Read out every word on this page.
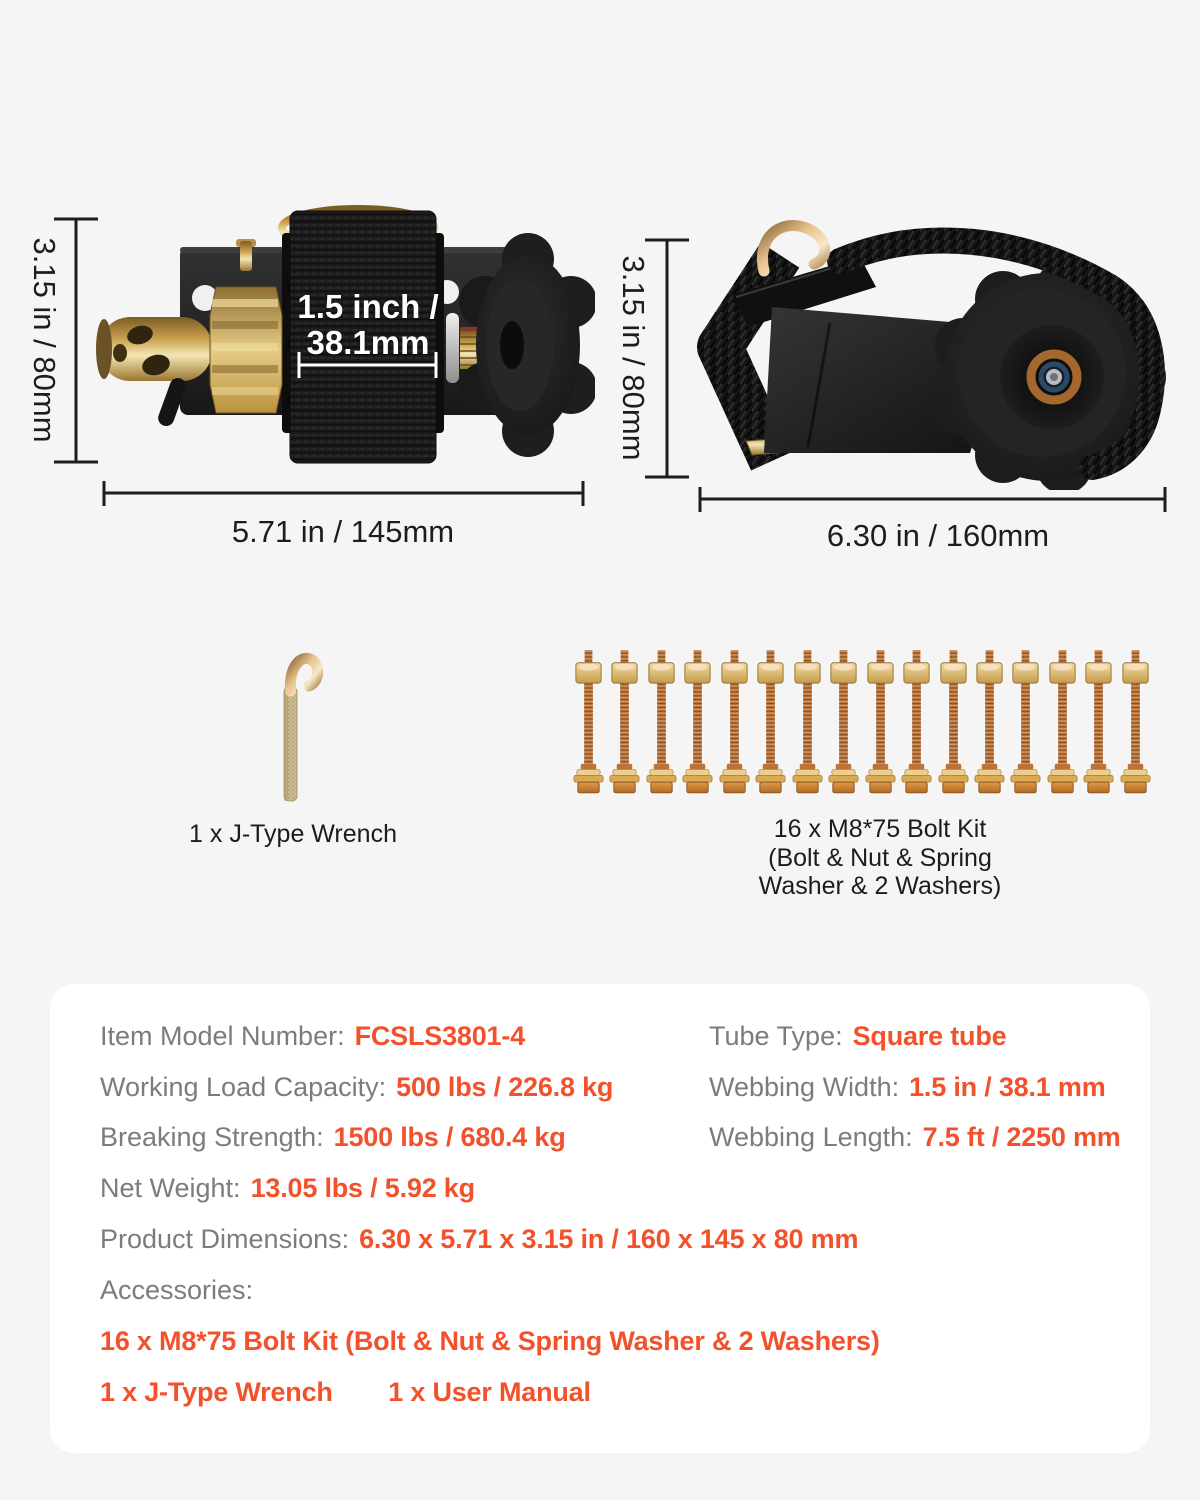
3.15 in / 80mm
5.71 in / 145mm
3.15 in / 80mm
6.30 in / 160mm
1.5 inch /
38.1mm
1 x J-Type Wrench	16 x M8*75 Bolt Kit
(Bolt & Nut & Spring
Washer & 2 Washers)
Item Model Number: FCSLS3801-4	Tube Type: Square tube
Working Load Capacity: 500 lbs / 226.8 kg	Webbing Width: 1.5 in / 38.1 mm
Breaking Strength: 1500 lbs / 680.4 kg	Webbing Length: 7.5 ft / 2250 mm
Net Weight: 13.05 lbs / 5.92 kg
Product Dimensions: 6.30 x 5.71 x 3.15 in / 160 x 145 x 80 mm
Accessories:
16 x M8*75 Bolt Kit (Bolt & Nut & Spring Washer & 2 Washers)
1 x J-Type Wrench 1 x User Manual
